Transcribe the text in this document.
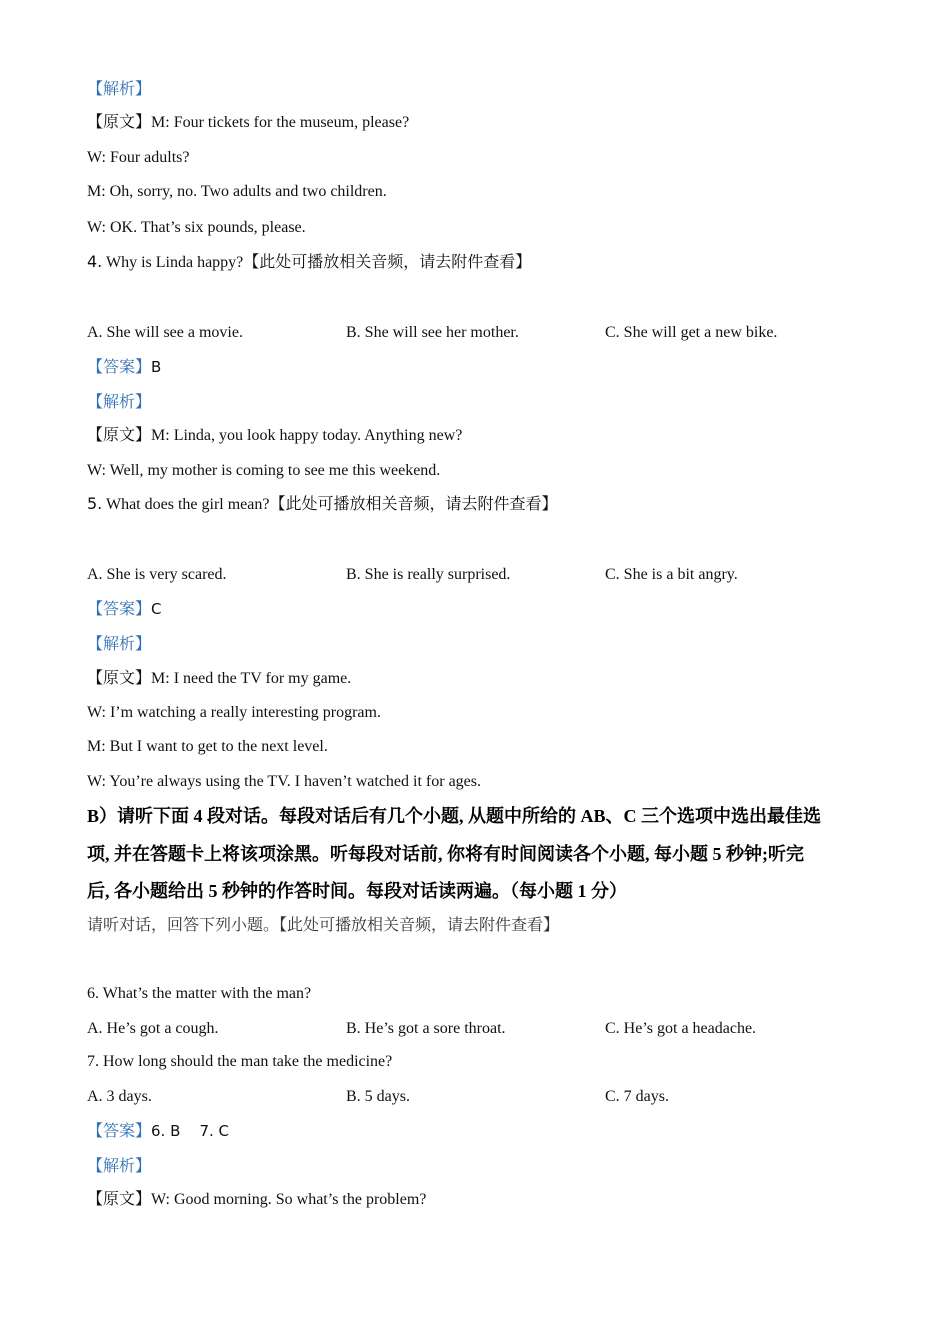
【解析】
【原文】M: Four tickets for the museum, please?
W: Four adults?
M: Oh, sorry, no. Two adults and two children.
W: OK. That’s six pounds, please.
4. Why is Linda happy?【此处可播放相关音频，请去附件查看】
A. She will see a movie.	B. She will see her mother.	C. She will get a new bike.
【答案】B
【解析】
【原文】M: Linda, you look happy today. Anything new?
W: Well, my mother is coming to see me this weekend.
5. What does the girl mean?【此处可播放相关音频，请去附件查看】
A. She is very scared.	B. She is really surprised.	C. She is a bit angry.
【答案】C
【解析】
【原文】M: I need the TV for my game.
W: I’m watching a really interesting program.
M: But I want to get to the next level.
W: You’re always using the TV. I haven’t watched it for ages.
B）请听下面 4 段对话。每段对话后有几个小题, 从题中所给的 AB、C 三个选项中选出最佳选
项, 并在答题卡上将该项涂黑。听每段对话前, 你将有时间阅读各个小题, 每小题 5 秒钟;听完
后, 各小题给出 5 秒钟的作答时间。每段对话读两遍。（每小题 1 分）
请听对话，回答下列小题。【此处可播放相关音频，请去附件查看】
6. What’s the matter with the man?
A. He’s got a cough.	B. He’s got a sore throat.	C. He’s got a headache.
7. How long should the man take the medicine?
A. 3 days.	B. 5 days.	C. 7 days.
【答案】6. B    7. C
【解析】
【原文】W: Good morning. So what’s the problem?
